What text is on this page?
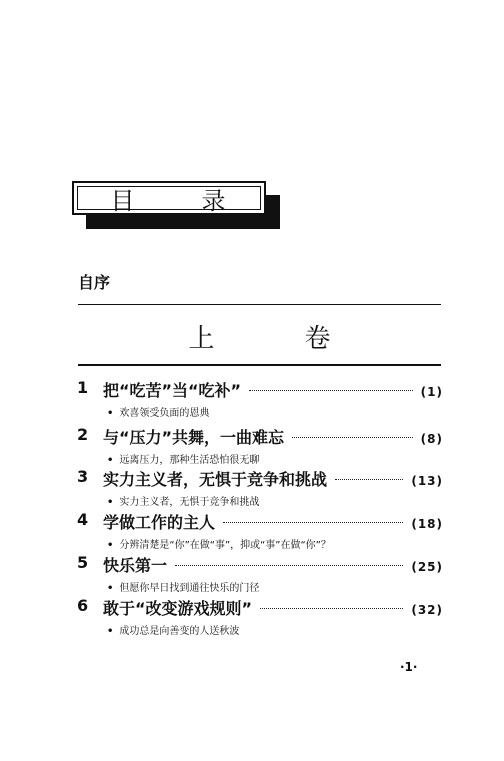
目	录
自序
上	卷
1 把“吃苦”当“吃补”	(1)
• 欢喜领受负面的恩典
2 与“压力”共舞，一曲难忘	(8)
• 远离压力，那种生活恐怕很无聊
3 实力主义者，无惧于竞争和挑战	(13)
• 实力主义者，无惧于竞争和挑战
4 学做工作的主人	(18)
• 分辨清楚是“你”在做“事”，抑或“事”在做“你”？
5 快乐第一	(25)
• 但愿你早日找到通往快乐的门径
6 敢于“改变游戏规则”	(32)
• 成功总是向善变的人送秋波
·1·
